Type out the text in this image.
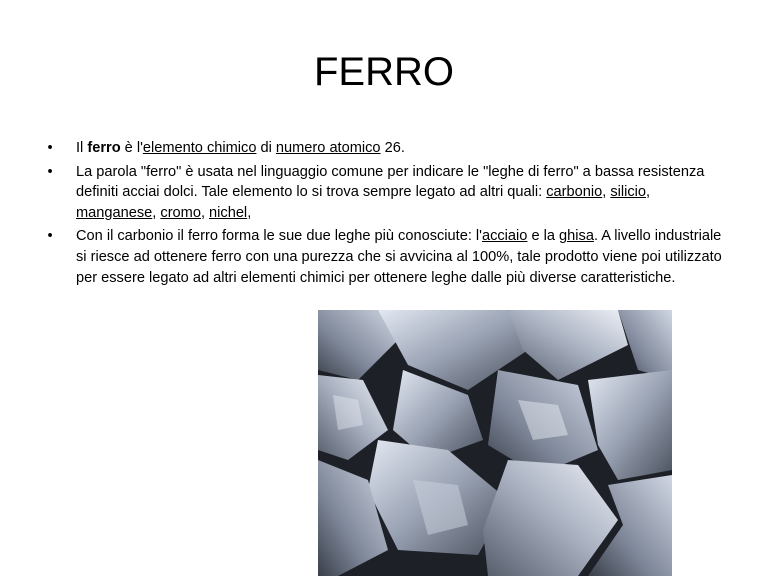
FERRO
• Il ferro è l'elemento chimico di numero atomico 26.
• La parola "ferro" è usata nel linguaggio comune per indicare le "leghe di ferro" a bassa resistenza definiti acciai dolci. Tale elemento lo si trova sempre legato ad altri quali: carbonio, silicio, manganese, cromo, nichel,
• Con il carbonio il ferro forma le sue due leghe più conosciute: l'acciaio e la ghisa. A livello industriale si riesce ad ottenere ferro con una purezza che si avvicina al 100%, tale prodotto viene poi utilizzato per essere legato ad altri elementi chimici per ottenere leghe dalle più diverse caratteristiche.
